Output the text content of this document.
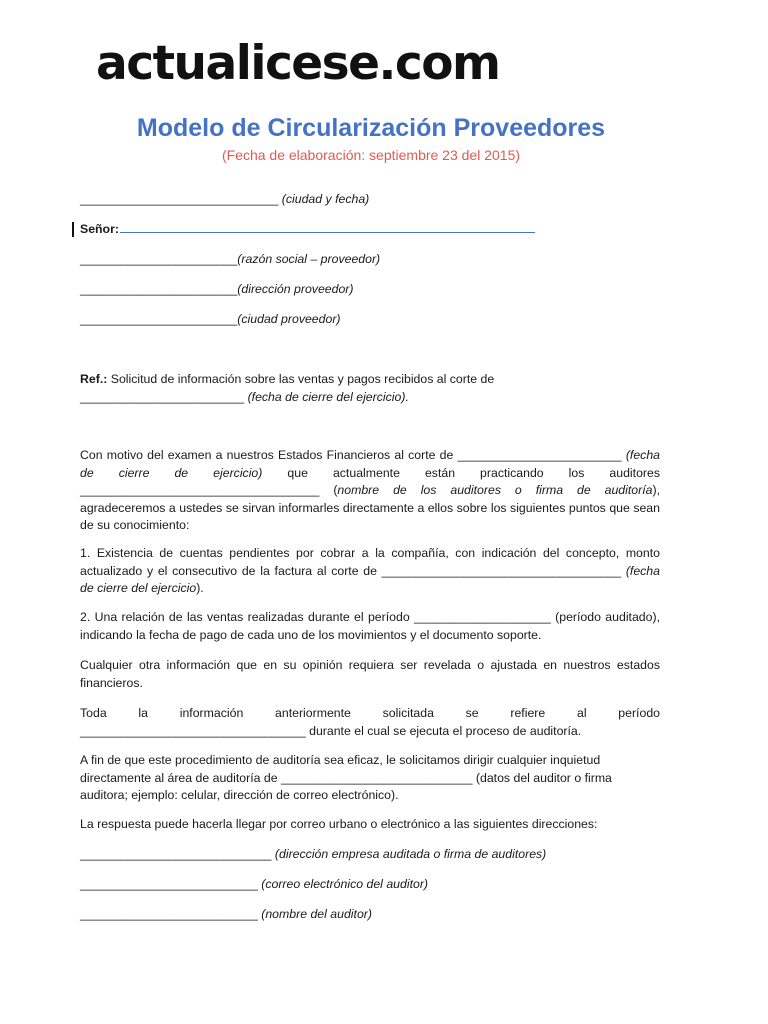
actualicese.com
Modelo de Circularización Proveedores
(Fecha de elaboración: septiembre 23 del 2015)
_____________________________ (ciudad y fecha)
Señor:
_______________________(razón social – proveedor)
_______________________(dirección proveedor)
_______________________(ciudad proveedor)
Ref.: Solicitud de información sobre las ventas y pagos recibidos al corte de
________________________ (fecha de cierre del ejercicio).
Con motivo del examen a nuestros Estados Financieros al corte de ________________________ (fecha de cierre de ejercicio) que actualmente están practicando los auditores ___________________________________ (nombre de los auditores o firma de auditoría), agradeceremos a ustedes se sirvan informarles directamente a ellos sobre los siguientes puntos que sean de su conocimiento:
1. Existencia de cuentas pendientes por cobrar a la compañía, con indicación del concepto, monto actualizado y el consecutivo de la factura al corte de ___________________________________ (fecha de cierre del ejercicio).
2. Una relación de las ventas realizadas durante el período ____________________ (período auditado), indicando la fecha de pago de cada uno de los movimientos y el documento soporte.
Cualquier otra información que en su opinión requiera ser revelada o ajustada en nuestros estados financieros.
Toda la información anteriormente solicitada se refiere al período _________________________________ durante el cual se ejecuta el proceso de auditoría.
A fin de que este procedimiento de auditoría sea eficaz, le solicitamos dirigir cualquier inquietud directamente al área de auditoría de ____________________________ (datos del auditor o firma auditora; ejemplo: celular, dirección de correo electrónico).
La respuesta puede hacerla llegar por correo urbano o electrónico a las siguientes direcciones:
____________________________ (dirección empresa auditada o firma de auditores)
__________________________ (correo electrónico del auditor)
__________________________ (nombre del auditor)
